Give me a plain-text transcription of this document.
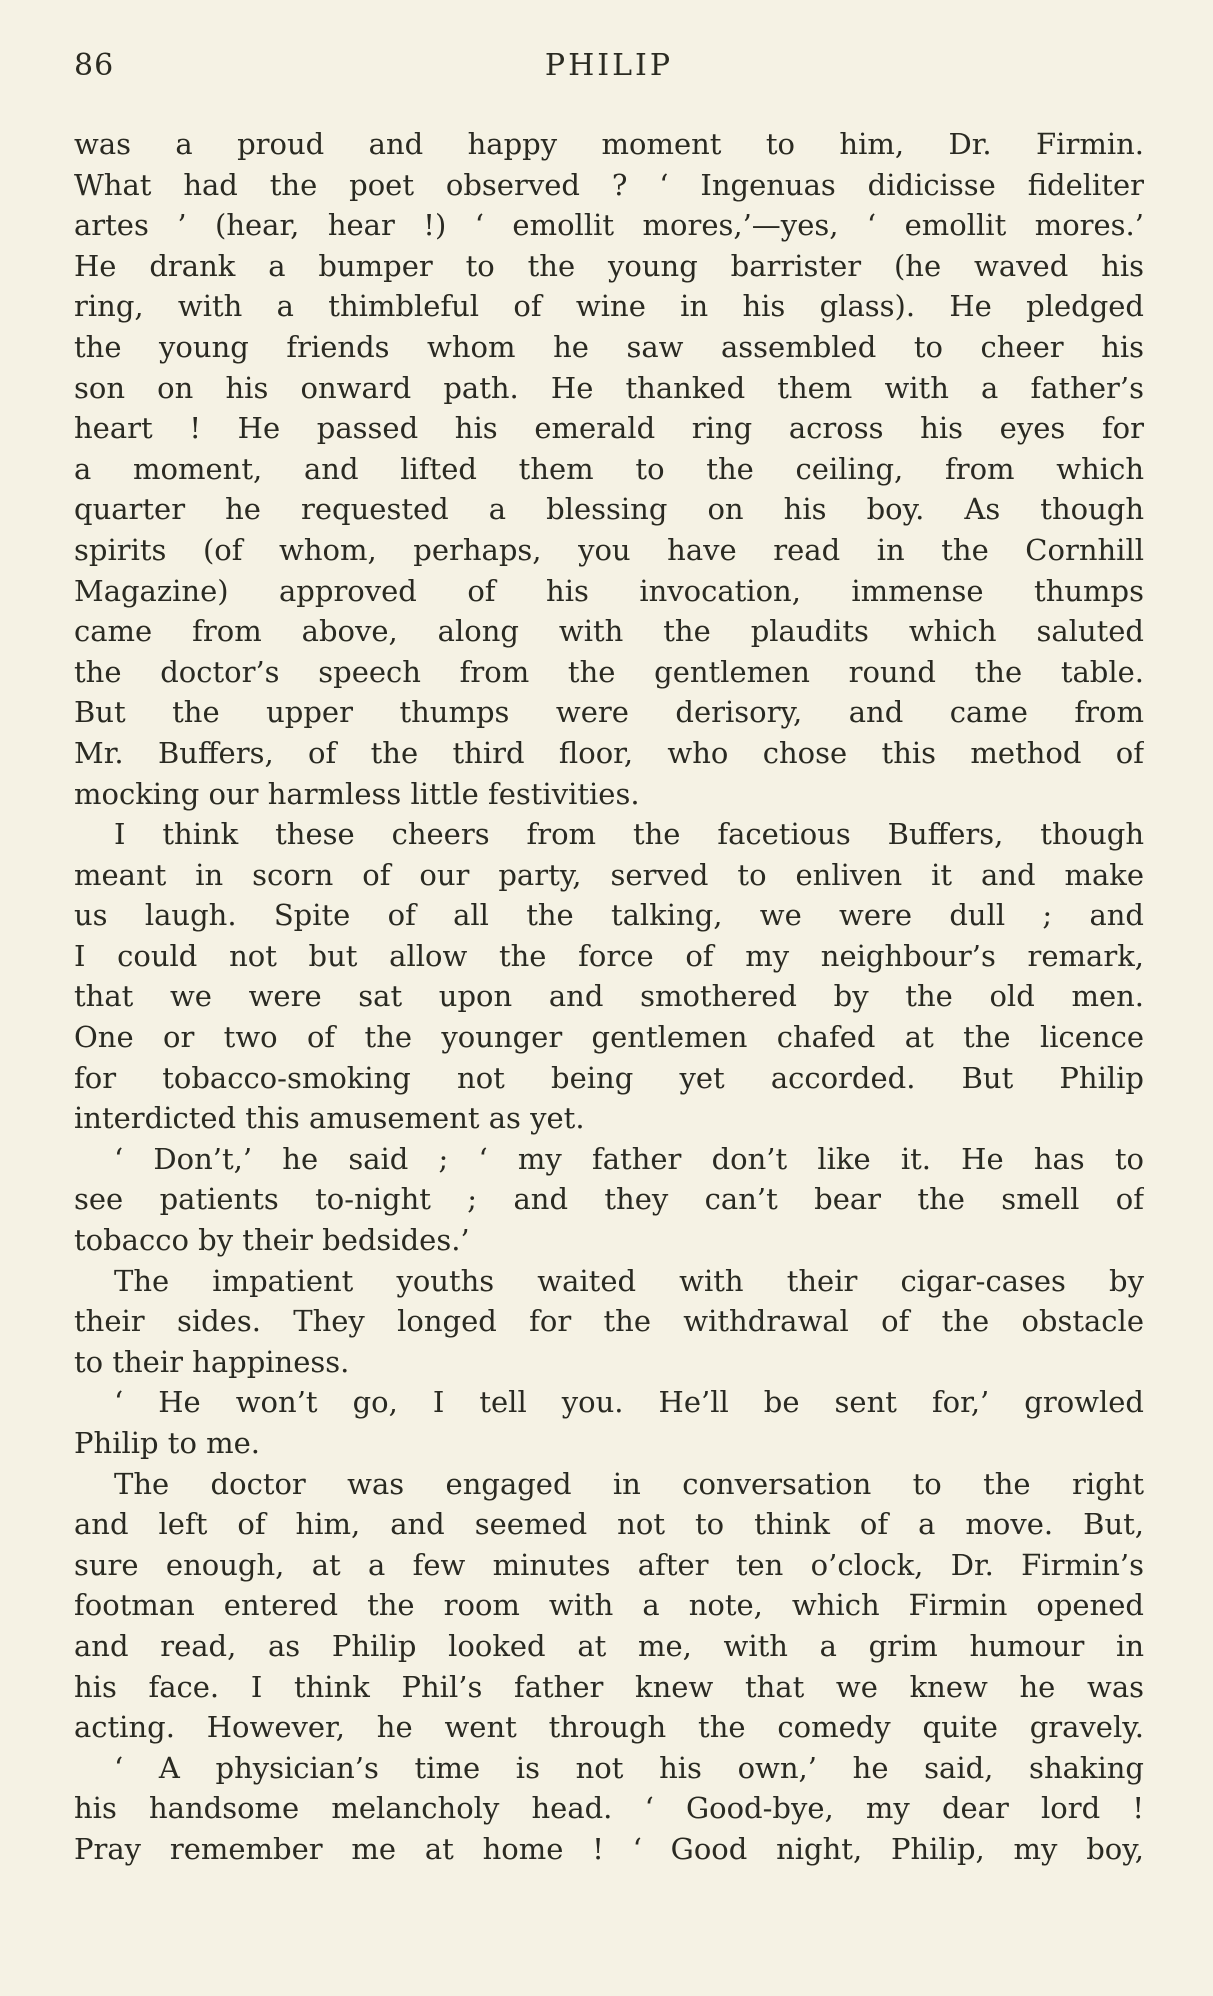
86	PHILIP
was a proud and happy moment to him, Dr. Firmin.
What had the poet observed ? ‘ Ingenuas didicisse fideliter
artes ’ (hear, hear !) ‘ emollit mores,’—yes, ‘ emollit mores.’
He drank a bumper to the young barrister (he waved his
ring, with a thimbleful of wine in his glass). He pledged
the young friends whom he saw assembled to cheer his
son on his onward path. He thanked them with a father’s
heart ! He passed his emerald ring across his eyes for
a moment, and lifted them to the ceiling, from which
quarter he requested a blessing on his boy. As though
spirits (of whom, perhaps, you have read in the Cornhill
Magazine) approved of his invocation, immense thumps
came from above, along with the plaudits which saluted
the doctor’s speech from the gentlemen round the table.
But the upper thumps were derisory, and came from
Mr. Buffers, of the third floor, who chose this method of
mocking our harmless little festivities.
I think these cheers from the facetious Buffers, though
meant in scorn of our party, served to enliven it and make
us laugh. Spite of all the talking, we were dull ; and
I could not but allow the force of my neighbour’s remark,
that we were sat upon and smothered by the old men.
One or two of the younger gentlemen chafed at the licence
for tobacco-smoking not being yet accorded. But Philip
interdicted this amusement as yet.
‘ Don’t,’ he said ; ‘ my father don’t like it. He has to
see patients to-night ; and they can’t bear the smell of
tobacco by their bedsides.’
The impatient youths waited with their cigar-cases by
their sides. They longed for the withdrawal of the obstacle
to their happiness.
‘ He won’t go, I tell you. He’ll be sent for,’ growled
Philip to me.
The doctor was engaged in conversation to the right
and left of him, and seemed not to think of a move. But,
sure enough, at a few minutes after ten o’clock, Dr. Firmin’s
footman entered the room with a note, which Firmin opened
and read, as Philip looked at me, with a grim humour in
his face. I think Phil’s father knew that we knew he was
acting. However, he went through the comedy quite gravely.
‘ A physician’s time is not his own,’ he said, shaking
his handsome melancholy head. ‘ Good-bye, my dear lord !
Pray remember me at home ! ‘ Good night, Philip, my boy,
